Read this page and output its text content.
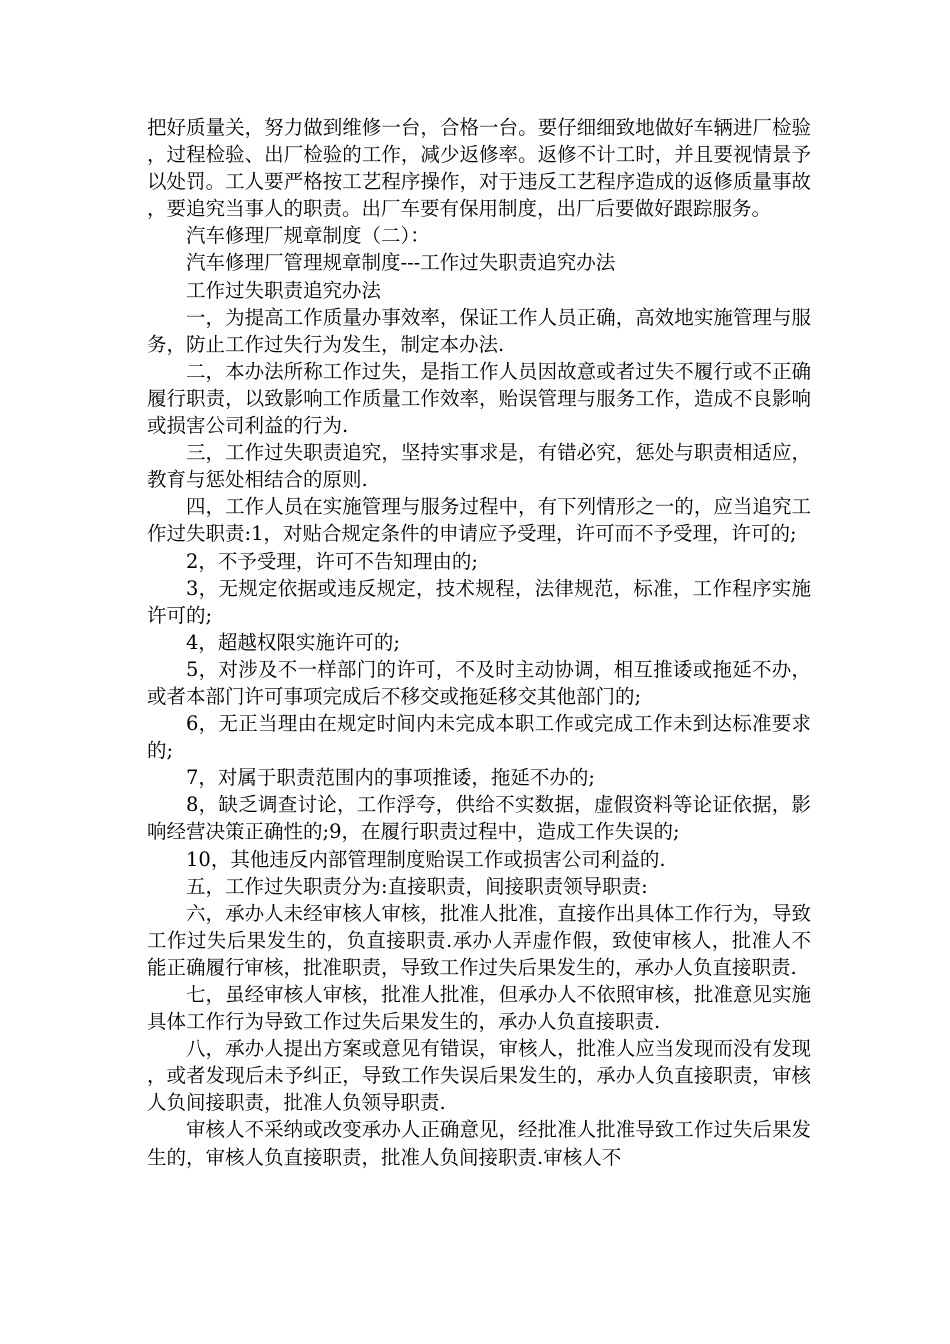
把好质量关，努力做到维修一台，合格一台。要仔细细致地做好车辆进厂检验，过程检验、出厂检验的工作，减少返修率。返修不计工时，并且要视情景予以处罚。工人要严格按工艺程序操作，对于违反工艺程序造成的返修质量事故，要追究当事人的职责。出厂车要有保用制度，出厂后要做好跟踪服务。

汽车修理厂规章制度（二）：

汽车修理厂管理规章制度---工作过失职责追究办法

工作过失职责追究办法

一，为提高工作质量办事效率，保证工作人员正确，高效地实施管理与服务，防止工作过失行为发生，制定本办法.

二，本办法所称工作过失，是指工作人员因故意或者过失不履行或不正确履行职责，以致影响工作质量工作效率，贻误管理与服务工作，造成不良影响或损害公司利益的行为.

三，工作过失职责追究，坚持实事求是，有错必究，惩处与职责相适应，教育与惩处相结合的原则.

四，工作人员在实施管理与服务过程中，有下列情形之一的，应当追究工作过失职责:1，对贴合规定条件的申请应予受理，许可而不予受理，许可的;

2，不予受理，许可不告知理由的;

3，无规定依据或违反规定，技术规程，法律规范，标准，工作程序实施许可的;

4，超越权限实施许可的;

5，对涉及不一样部门的许可，不及时主动协调，相互推诿或拖延不办，或者本部门许可事项完成后不移交或拖延移交其他部门的;

6，无正当理由在规定时间内未完成本职工作或完成工作未到达标准要求的;

7，对属于职责范围内的事项推诿，拖延不办的;

8，缺乏调查讨论，工作浮夸，供给不实数据，虚假资料等论证依据，影响经营决策正确性的;9，在履行职责过程中，造成工作失误的;

10，其他违反内部管理制度贻误工作或损害公司利益的.

五，工作过失职责分为:直接职责，间接职责领导职责:

六，承办人未经审核人审核，批准人批准，直接作出具体工作行为，导致工作过失后果发生的，负直接职责.承办人弄虚作假，致使审核人，批准人不能正确履行审核，批准职责，导致工作过失后果发生的，承办人负直接职责.

七，虽经审核人审核，批准人批准，但承办人不依照审核，批准意见实施具体工作行为导致工作过失后果发生的，承办人负直接职责.

八，承办人提出方案或意见有错误，审核人，批准人应当发现而没有发现，或者发现后未予纠正，导致工作失误后果发生的，承办人负直接职责，审核人负间接职责，批准人负领导职责.

审核人不采纳或改变承办人正确意见，经批准人批准导致工作过失后果发生的，审核人负直接职责，批准人负间接职责.审核人不
